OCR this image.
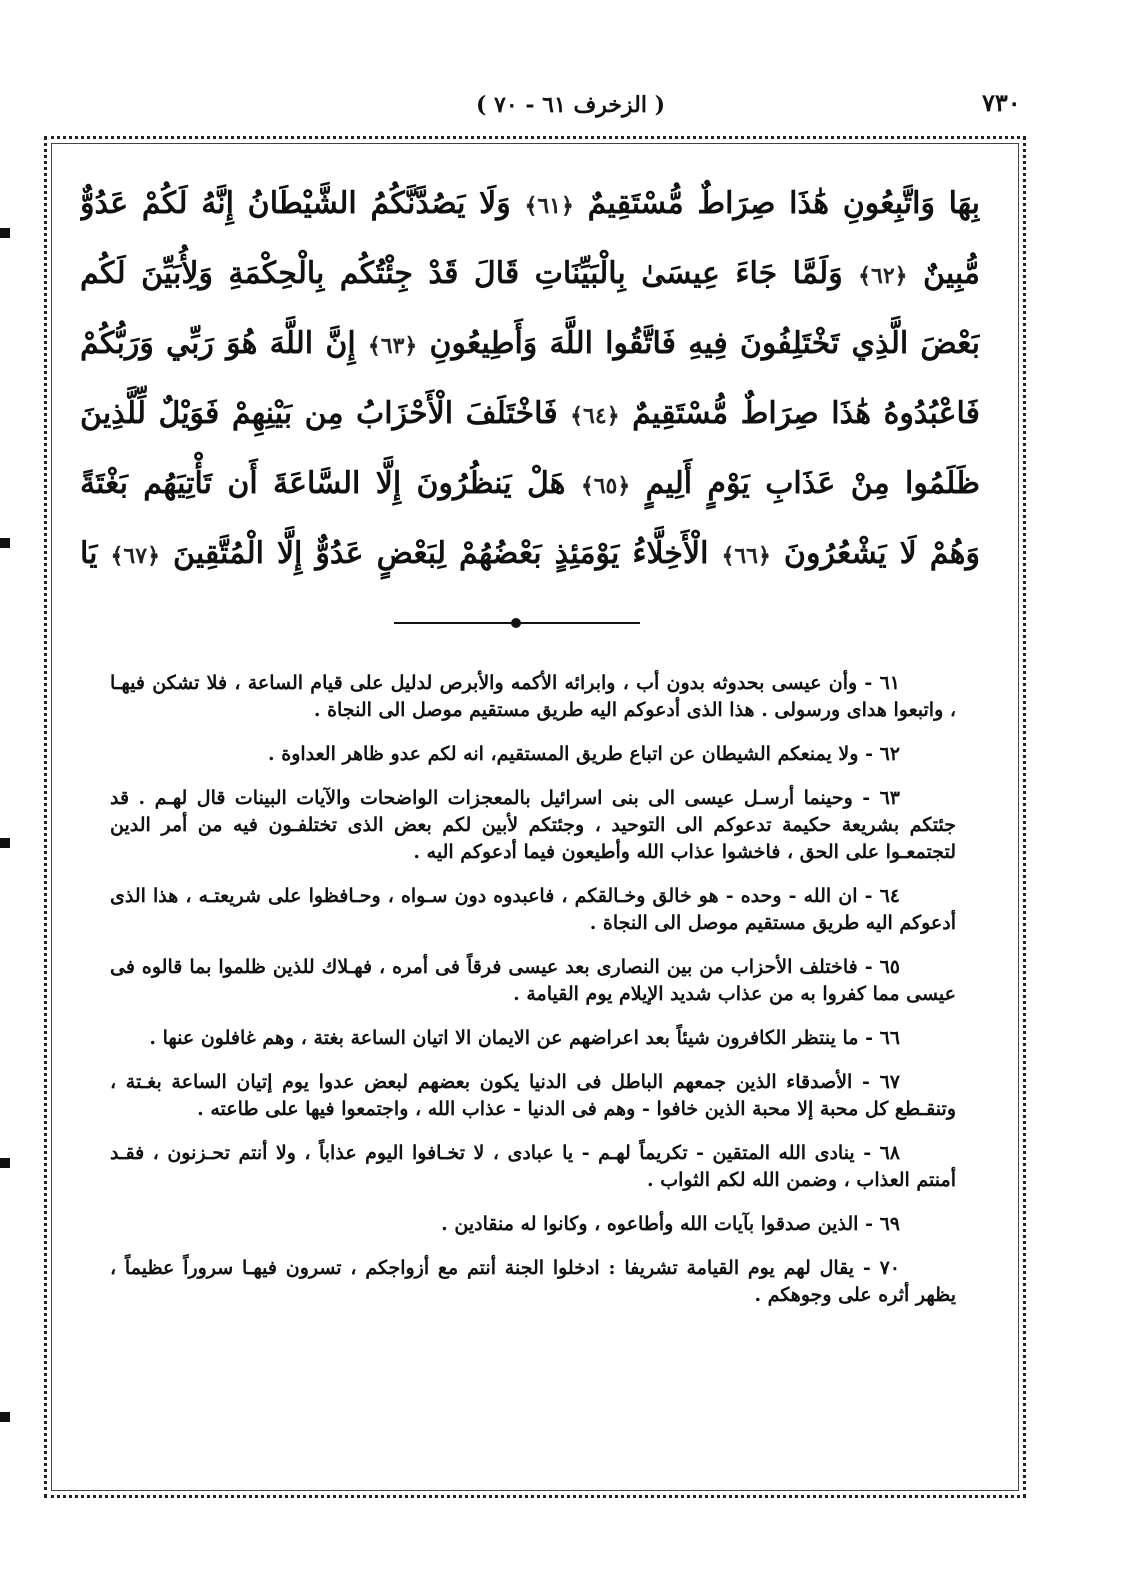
٧٣٠
( الزخرف ٦١ - ٧٠ )
بِهَا وَاتَّبِعُونِ هَٰذَا صِرَاطٌ مُّسْتَقِيمٌ ﴿٦١﴾ وَلَا يَصُدَّنَّكُمُ الشَّيْطَانُ إِنَّهُ لَكُمْ عَدُوٌّ مُّبِينٌ ﴿٦٢﴾ وَلَمَّا جَاءَ عِيسَىٰ بِالْبَيِّنَاتِ قَالَ قَدْ جِئْتُكُم بِالْحِكْمَةِ وَلِأُبَيِّنَ لَكُم بَعْضَ الَّذِي تَخْتَلِفُونَ فِيهِ فَاتَّقُوا اللَّهَ وَأَطِيعُونِ ﴿٦٣﴾ إِنَّ اللَّهَ هُوَ رَبِّي وَرَبُّكُمْ فَاعْبُدُوهُ هَٰذَا صِرَاطٌ مُّسْتَقِيمٌ ﴿٦٤﴾ فَاخْتَلَفَ الْأَحْزَابُ مِن بَيْنِهِمْ فَوَيْلٌ لِّلَّذِينَ ظَلَمُوا مِنْ عَذَابِ يَوْمٍ أَلِيمٍ ﴿٦٥﴾ هَلْ يَنظُرُونَ إِلَّا السَّاعَةَ أَن تَأْتِيَهُم بَغْتَةً وَهُمْ لَا يَشْعُرُونَ ﴿٦٦﴾ الْأَخِلَّاءُ يَوْمَئِذٍ بَعْضُهُمْ لِبَعْضٍ عَدُوٌّ إِلَّا الْمُتَّقِينَ ﴿٦٧﴾ يَا

٦١ - وأن عيسى بحدوثه بدون أب ، وابرائه الأكمه والأبرص لدليل على قيام الساعة ، فلا تشكن فيهـا ، واتبعوا هداى ورسولى . هذا الذى أدعوكم اليه طريق مستقيم موصل الى النجاة .

٦٢ - ولا يمنعكم الشيطان عن اتباع طريق المستقيم، انه لكم عدو ظاهر العداوة .

٦٣ - وحينما أرسـل عيسى الى بنى اسرائيل بالمعجزات الواضحات والآيات البينات قال لهـم . قد جئتكم بشريعة حكيمة تدعوكم الى التوحيد ، وجئتكم لأبين لكم بعض الذى تختلفـون فيه من أمر الدين لتجتمعـوا على الحق ، فاخشوا عذاب الله وأطيعون فيما أدعوكم اليه .

٦٤ - ان الله - وحده - هو خالق وخـالقكم ، فاعبدوه دون سـواه ، وحـافظوا على شريعتـه ، هذا الذى أدعوكم اليه طريق مستقيم موصل الى النجاة .

٦٥ - فاختلف الأحزاب من بين النصارى بعد عيسى فرقاً فى أمره ، فهـلاك للذين ظلموا بما قالوه فى عيسى مما كفروا به من عذاب شديد الإيلام يوم القيامة .

٦٦ - ما ينتظر الكافرون شيئاً بعد اعراضهم عن الايمان الا اتيان الساعة بغتة ، وهم غافلون عنها .

٦٧ - الأصدقاء الذين جمعهم الباطل فى الدنيا يكون بعضهم لبعض عدوا يوم إتيان الساعة بغـتة ، وتنقـطع كل محبة إلا محبة الذين خافوا - وهم فى الدنيا - عذاب الله ، واجتمعوا فيها على طاعته .

٦٨ - ينادى الله المتقين - تكريماً لهـم - يا عبادى ، لا تخـافوا اليوم عذاباً ، ولا أنتم تحـزنون ، فقـد أمنتم العذاب ، وضمن الله لكم الثواب .

٦٩ - الذين صدقوا بآيات الله وأطاعوه ، وكانوا له منقادين .

٧٠ - يقال لهم يوم القيامة تشريفا : ادخلوا الجنة أنتم مع أزواجكم ، تسرون فيهـا سروراً عظيماً ، يظهر أثره على وجوهكم .
